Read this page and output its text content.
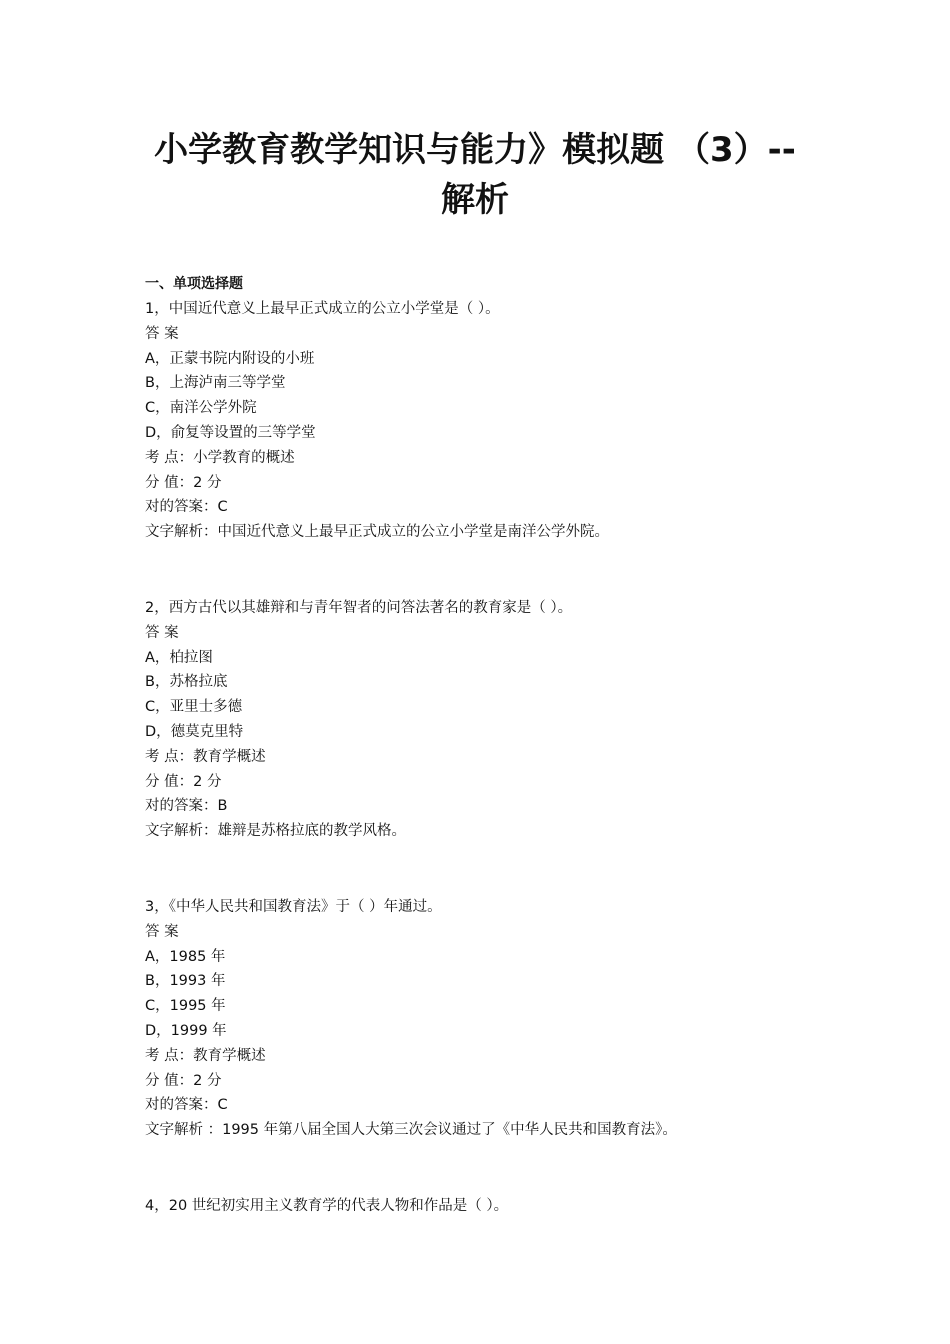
小学教育教学知识与能力》模拟题 （3）--
解析
一、单项选择题
1，中国近代意义上最早正式成立的公立小学堂是（ ）。
答 案
A，正蒙书院内附设的小班
B，上海泸南三等学堂
C，南洋公学外院
D，俞复等设置的三等学堂
考 点：小学教育的概述
分 值：2 分
对的答案：C
文字解析：中国近代意义上最早正式成立的公立小学堂是南洋公学外院。
2，西方古代以其雄辩和与青年智者的问答法著名的教育家是（ ）。
答 案
A，柏拉图
B，苏格拉底
C，亚里士多德
D，德莫克里特
考 点：教育学概述
分 值：2 分
对的答案：B
文字解析：雄辩是苏格拉底的教学风格。
3，《中华人民共和国教育法》于（ ）年通过。
答 案
A，1985 年
B，1993 年
C，1995 年
D，1999 年
考 点：教育学概述
分 值：2 分
对的答案：C
文字解析 ：1995 年第八届全国人大第三次会议通过了《中华人民共和国教育法》。
4，20 世纪初实用主义教育学的代表人物和作品是（ ）。
